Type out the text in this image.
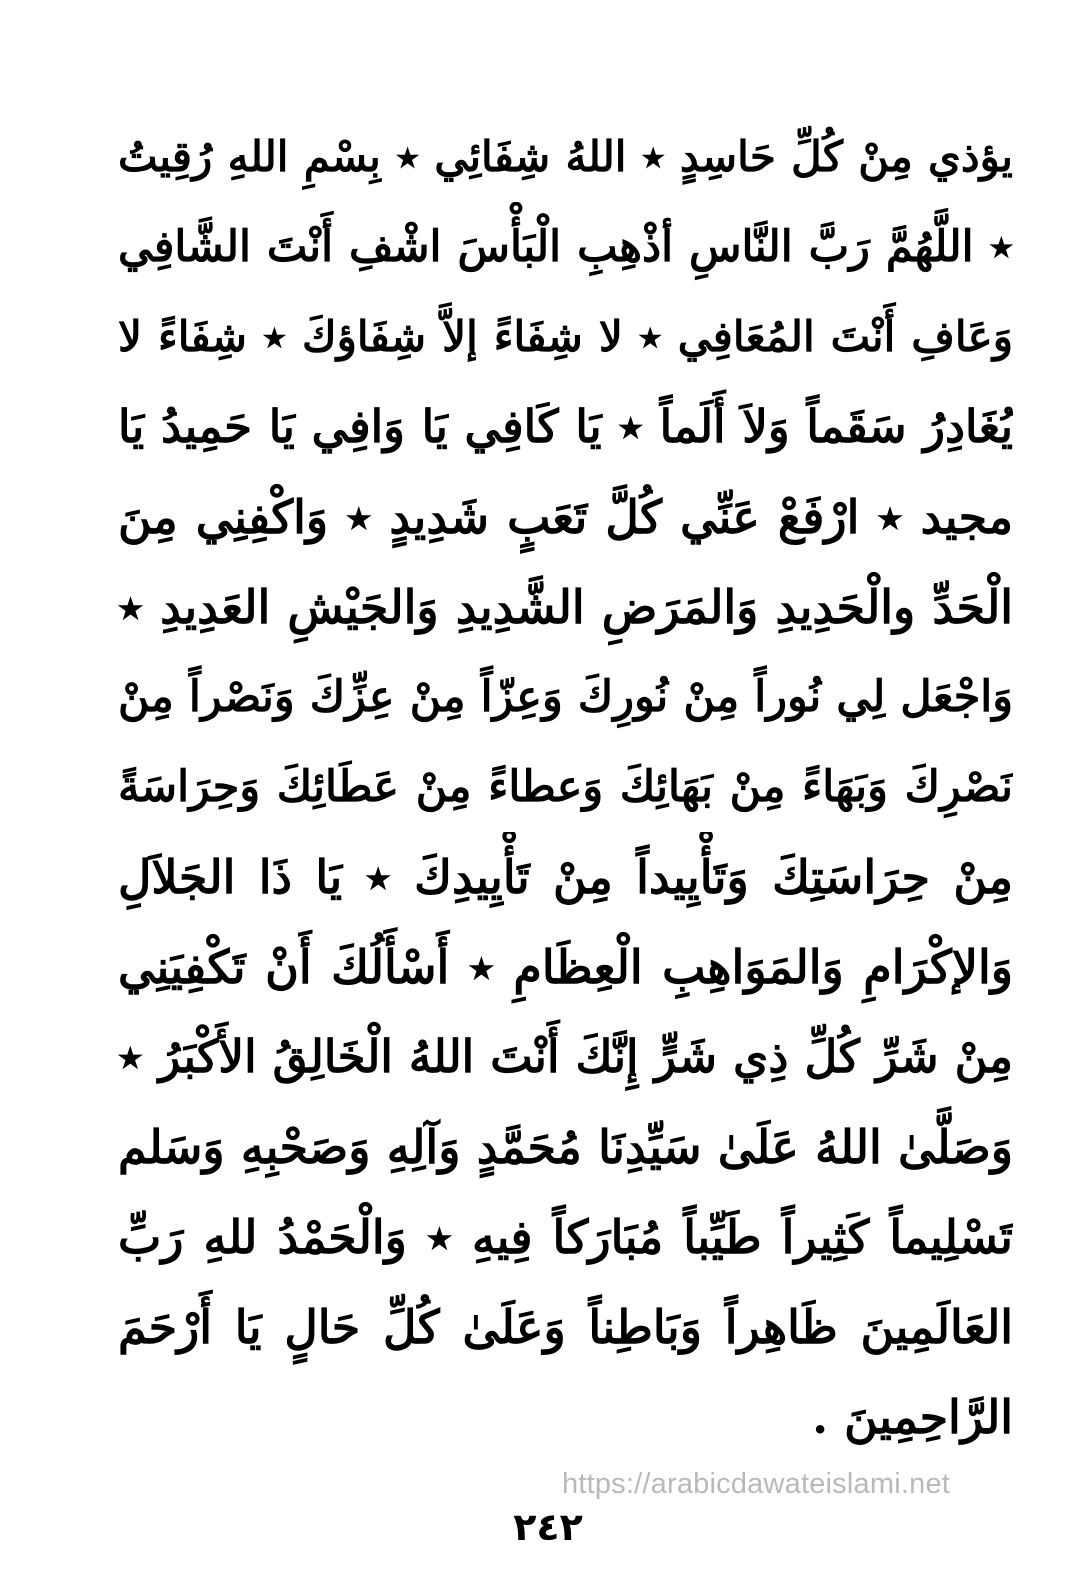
يؤذي مِنْ كُلِّ حَاسِدٍ ٭ اللهُ شِفَائِي ٭ بِسْمِ اللهِ رُقِيتُ
٭ اللَّهُمَّ رَبَّ النَّاسِ أذْهِبِ الْبَأْسَ اشْفِ أَنْتَ الشَّافِي
وَعَافِ أَنْتَ المُعَافِي ٭ لا شِفَاءً إلاَّ شِفَاؤكَ ٭ شِفَاءً لا
يُغَادِرُ سَقَماً وَلاَ أَلَماً ٭ يَا كَافِي يَا وَافِي يَا حَمِيدُ يَا
مجيد ٭ ارْفَعْ عَنِّي كُلَّ تَعَبٍ شَدِيدٍ ٭ وَاكْفِنِي مِنَ
الْحَدِّ والْحَدِيدِ وَالمَرَضِ الشَّدِيدِ وَالجَيْشِ العَدِيدِ ٭
وَاجْعَل لِي نُوراً مِنْ نُورِكَ وَعِزّاً مِنْ عِزِّكَ وَنَصْراً مِنْ
نَصْرِكَ وَبَهَاءً مِنْ بَهَائِكَ وَعطاءً مِنْ عَطَائِكَ وَحِرَاسَةً
مِنْ حِرَاسَتِكَ وَتَأْيِيداً مِنْ تَأْيِيدِكَ ٭ يَا ذَا الجَلاَلِ
وَالإكْرَامِ وَالمَوَاهِبِ الْعِظَامِ ٭ أَسْأَلُكَ أَنْ تَكْفِيَنِي
مِنْ شَرِّ كُلِّ ذِي شَرٍّ إِنَّكَ أَنْتَ اللهُ الْخَالِقُ الأَكْبَرُ ٭
وَصَلَّىٰ اللهُ عَلَىٰ سَيِّدِنَا مُحَمَّدٍ وَآلِهِ وَصَحْبِهِ وَسَلم
تَسْلِيماً كَثِيراً طَيِّباً مُبَارَكاً فِيهِ ٭ وَالْحَمْدُ للهِ رَبِّ
العَالَمِينَ ظَاهِراً وَبَاطِناً وَعَلَىٰ كُلِّ حَالٍ يَا أَرْحَمَ
الرَّاحِمِينَ .
https://arabicdawateislami.net
٢٤٢
